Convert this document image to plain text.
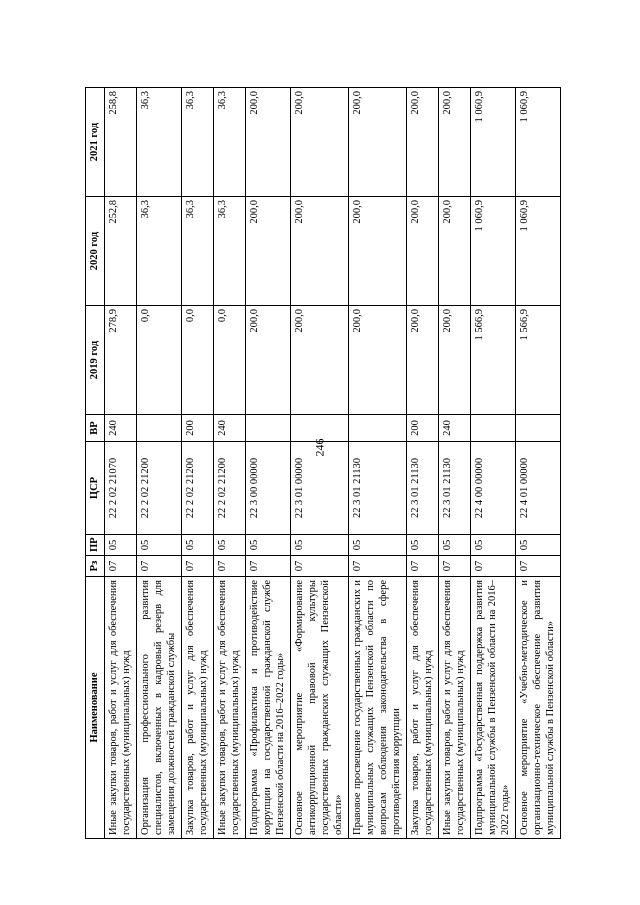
246
Наименование	Рз	ПР	ЦСР	ВР	2019 год	2020 год	2021 год
Иные закупки товаров, работ и услуг для обеспечения государственных (муниципальных) нужд	07	05	22 2 02 21070	240	278,9	252,8	258,8
Организация профессионального развития специалистов, включенных в кадровый резерв для замещения должностей гражданской службы	07	05	22 2 02 21200		0,0	36,3	36,3
Закупка товаров, работ и услуг для обеспечения государственных (муниципальных) нужд	07	05	22 2 02 21200	200	0,0	36,3	36,3
Иные закупки товаров, работ и услуг для обеспечения государственных (муниципальных) нужд	07	05	22 2 02 21200	240	0,0	36,3	36,3
Подпрограмма «Профилактика и противодействие коррупции на государственной гражданской службе Пензенской области на 2016–2022 годы»	07	05	22 3 00 00000		200,0	200,0	200,0
Основное мероприятие «Формирование антикоррупционной правовой культуры государственных гражданских служащих Пензенской области»	07	05	22 3 01 00000		200,0	200,0	200,0
Правовое просвещение государственных гражданских и муниципальных служащих Пензенской области по вопросам соблюдения законодательства в сфере противодействия коррупции	07	05	22 3 01 21130		200,0	200,0	200,0
Закупка товаров, работ и услуг для обеспечения государственных (муниципальных) нужд	07	05	22 3 01 21130	200	200,0	200,0	200,0
Иные закупки товаров, работ и услуг для обеспечения государственных (муниципальных) нужд	07	05	22 3 01 21130	240	200,0	200,0	200,0
Подпрограмма «Государственная поддержка развития муниципальной службы в Пензенской области на 2016–2022 годы»	07	05	22 4 00 00000		1 566,9	1 060,9	1 060,9
Основное мероприятие «Учебно-методическое и организационно-техническое обеспечение развития муниципальной службы в Пензенской области»	07	05	22 4 01 00000		1 566,9	1 060,9	1 060,9
